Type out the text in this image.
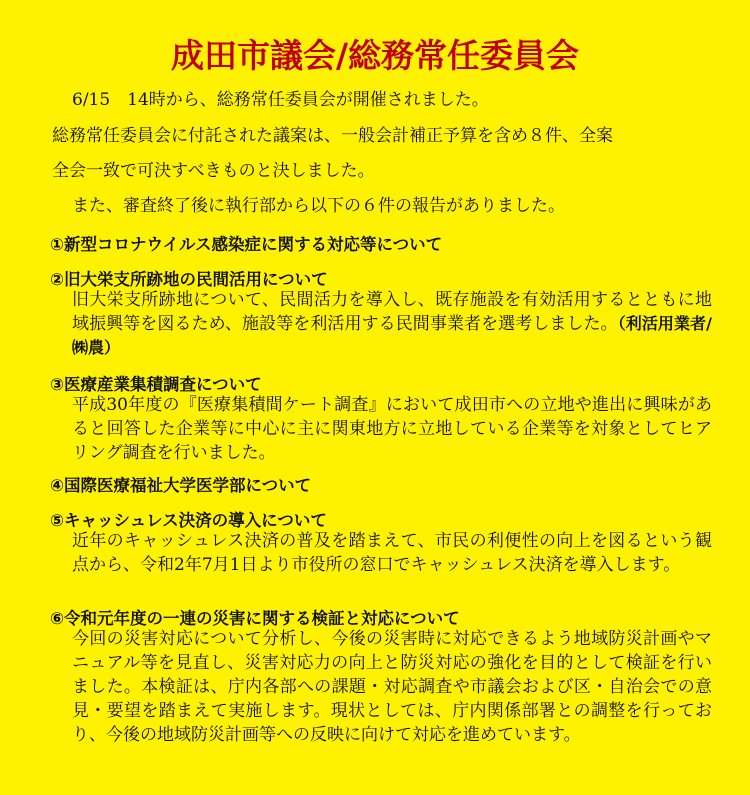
成田市議会/総務常任委員会
6/15　14時から、総務常任委員会が開催されました。
総務常任委員会に付託された議案は、一般会計補正予算を含め８件、全案
全会一致で可決すべきものと決しました。
また、審査終了後に執行部から以下の６件の報告がありました。
①新型コロナウイルス感染症に関する対応等について
②旧大栄支所跡地の民間活用について
旧大栄支所跡地について、民間活力を導入し、既存施設を有効活用するとともに地域振興等を図るため、施設等を利活用する民間事業者を選考しました。（利活用業者/㈱農）
③医療産業集積調査について
平成30年度の『医療集積間ケート調査』において成田市への立地や進出に興味があると回答した企業等に中心に主に関東地方に立地している企業等を対象としてヒアリング調査を行いました。
④国際医療福祉大学医学部について
⑤キャッシュレス決済の導入について
近年のキャッシュレス決済の普及を踏まえて、市民の利便性の向上を図るという観点から、令和2年7月1日より市役所の窓口でキャッシュレス決済を導入します。
⑥令和元年度の一連の災害に関する検証と対応について
今回の災害対応について分析し、今後の災害時に対応できるよう地域防災計画やマニュアル等を見直し、災害対応力の向上と防災対応の強化を目的として検証を行いました。本検証は、庁内各部への課題・対応調査や市議会および区・自治会での意見・要望を踏まえて実施します。現状としては、庁内関係部署との調整を行っており、今後の地域防災計画等への反映に向けて対応を進めています。
